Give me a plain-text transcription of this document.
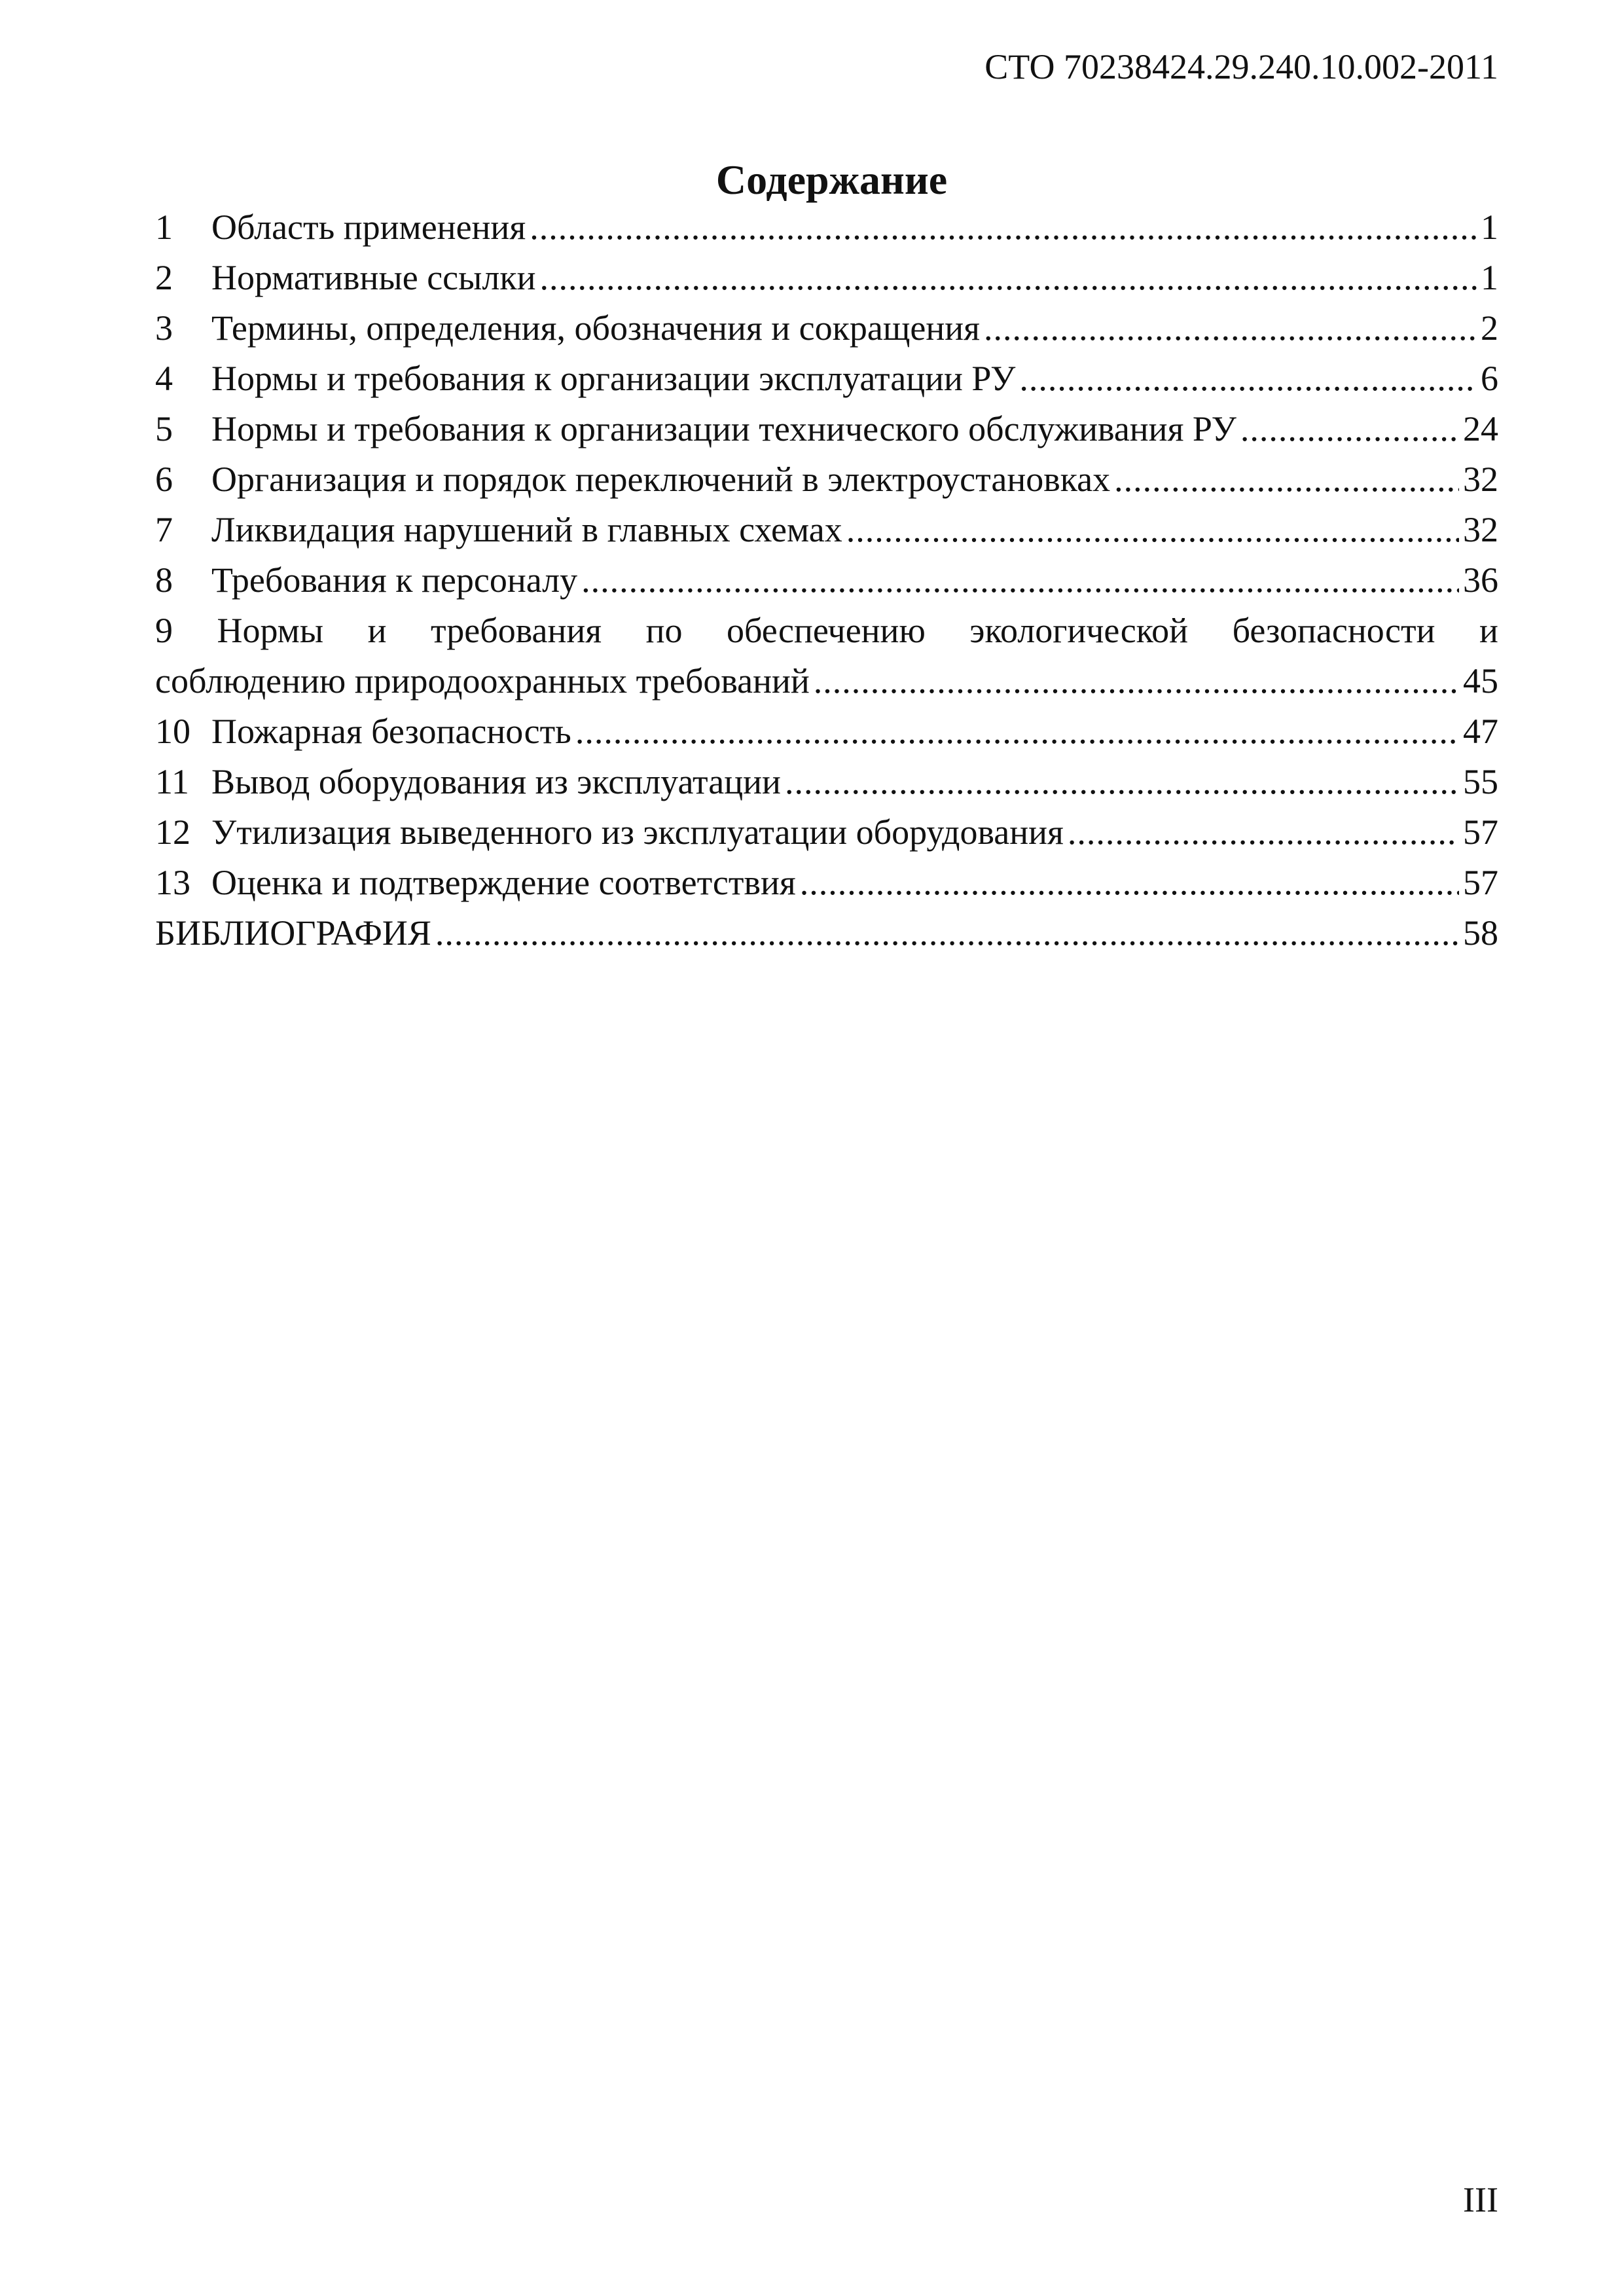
СТО 70238424.29.240.10.002-2011
Содержание
1	Область применения .....	1
2	Нормативные ссылки .....	1
3	Термины, определения, обозначения и сокращения .....	2
4	Нормы и требования к организации эксплуатации РУ .....	6
5	Нормы и требования к организации технического обслуживания РУ .....	24
6	Организация и порядок переключений в электроустановках .....	32
7	Ликвидация нарушений в главных схемах .....	32
8	Требования к персоналу .....	36
9 Нормы и требования по обеспечению экологической безопасности и
соблюдению природоохранных требований .....	45
10 Пожарная безопасность .....	47
11 Вывод оборудования из эксплуатации .....	55
12 Утилизация выведенного из эксплуатации оборудования .....	57
13 Оценка и подтверждение соответствия .....	57
БИБЛИОГРАФИЯ .....	58
III
